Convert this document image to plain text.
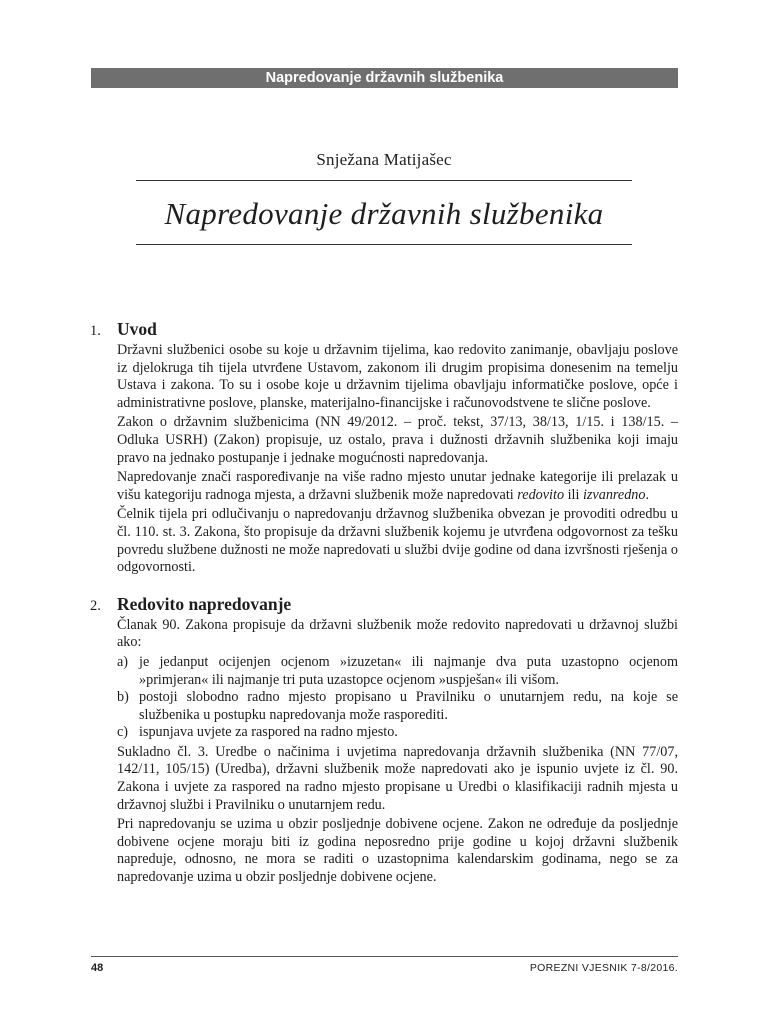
Napredovanje državnih službenika
Snježana Matijašec
Napredovanje državnih službenika
1. Uvod

Državni službenici osobe su koje u državnim tijelima, kao redovito zanimanje, obavljaju poslove iz djelokruga tih tijela utvrđene Ustavom, zakonom ili drugim propisima donesenim na temelju Ustava i zakona. To su i osobe koje u državnim tijelima obavljaju informatičke poslove, opće i administrativne poslove, planske, materijalno-financijske i računovodstvene te slične poslove.

Zakon o državnim službenicima (NN 49/2012. – proč. tekst, 37/13, 38/13, 1/15. i 138/15. – Odluka USRH) (Zakon) propisuje, uz ostalo, prava i dužnosti državnih službenika koji imaju pravo na jednako postupanje i jednake mogućnosti napredovanja.

Napredovanje znači raspoređivanje na više radno mjesto unutar jednake kategorije ili prelazak u višu kategoriju radnoga mjesta, a državni službenik može napredovati redovito ili izvanredno.

Čelnik tijela pri odlučivanju o napredovanju državnog službenika obvezan je provoditi odredbu u čl. 110. st. 3. Zakona, što propisuje da državni službenik kojemu je utvrđena odgovornost za tešku povredu službene dužnosti ne može napredovati u službi dvije godine od dana izvršnosti rješenja o odgovornosti.

2. Redovito napredovanje

Članak 90. Zakona propisuje da državni službenik može redovito napredovati u državnoj službi ako:

a) je jedanput ocijenjen ocjenom »izuzetan« ili najmanje dva puta uzastopno ocjenom »primjeran« ili najmanje tri puta uzastopce ocjenom »uspješan« ili višom.
b) postoji slobodno radno mjesto propisano u Pravilniku o unutarnjem redu, na koje se službenika u postupku napredovanja može rasporediti.
c) ispunjava uvjete za raspored na radno mjesto.

Sukladno čl. 3. Uredbe o načinima i uvjetima napredovanja državnih službenika (NN 77/07, 142/11, 105/15) (Uredba), državni službenik može napredovati ako je ispunio uvjete iz čl. 90. Zakona i uvjete za raspored na radno mjesto propisane u Uredbi o klasifikaciji radnih mjesta u državnoj službi i Pravilniku o unutarnjem redu.

Pri napredovanju se uzima u obzir posljednje dobivene ocjene. Zakon ne određuje da posljednje dobivene ocjene moraju biti iz godina neposredno prije godine u kojoj državni službenik napreduje, odnosno, ne mora se raditi o uzastopnima kalendarskim godinama, nego se za napredovanje uzima u obzir posljednje dobivene ocjene.

48	POREZNI VJESNIK 7-8/2016.
